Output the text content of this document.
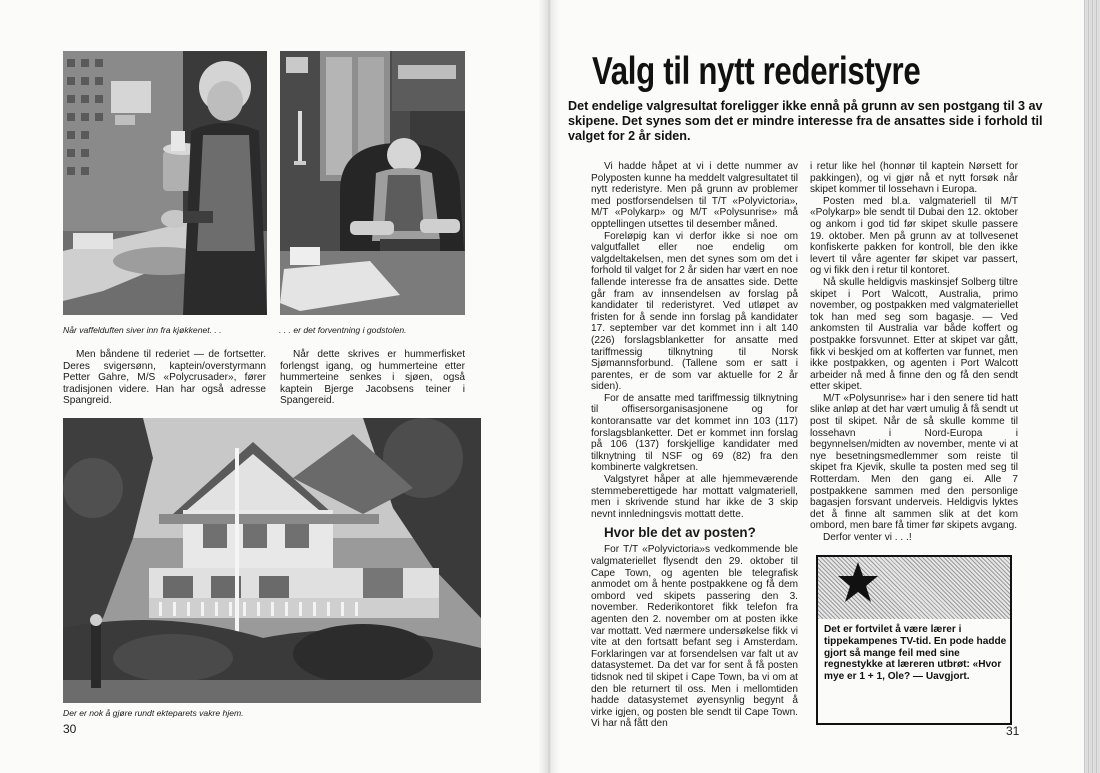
Når vaffelduften siver inn fra kjøkkenet. . .	. . . er det forventning i godstolen.

Men båndene til rederiet — de fortsetter. Deres svigersønn, kaptein/overstyrmann Petter Gahre, M/S «Polycrusader», fører tradisjonen videre. Han har også adresse Spangreid.

Når dette skrives er hummerfisket forlengst igang, og hummerteine etter hummerteine senkes i sjøen, også kaptein Bjerge Jacobsens teiner i Spangereid.

Der er nok å gjøre rundt ekteparets vakre hjem.
30
Valg til nytt rederistyre
Det endelige valgresultat foreligger ikke ennå på grunn av sen postgang til 3 av skipene. Det synes som det er mindre interesse fra de ansattes side i forhold til valget for 2 år siden.

Vi hadde håpet at vi i dette nummer av Polyposten kunne ha meddelt valgresultatet til nytt rederistyre. Men på grunn av problemer med postforsendelsen til T/T «Polyvictoria», M/T «Polykarp» og M/T «Polysunrise» må opptellingen utsettes til desember måned.

Foreløpig kan vi derfor ikke si noe om valgutfallet eller noe endelig om valgdeltakelsen, men det synes som om det i forhold til valget for 2 år siden har vært en noe fallende interesse fra de ansattes side. Dette går fram av innsendelsen av forslag på kandidater til rederistyret. Ved utløpet av fristen for å sende inn forslag på kandidater 17. september var det kommet inn i alt 140 (226) forslagsblanketter for ansatte med tariffmessig tilknytning til Norsk Sjømannsforbund. (Tallene som er satt i parentes, er de som var aktuelle for 2 år siden).

For de ansatte med tariffmessig tilknytning til offisersorganisasjonene og for kontoransatte var det kommet inn 103 (117) forslagsblanketter. Det er kommet inn forslag på 106 (137) forskjellige kandidater med tilknytning til NSF og 69 (82) fra den kombinerte valgkretsen.

Valgstyret håper at alle hjemmeværende stemmeberettigede har mottatt valgmateriell, men i skrivende stund har ikke de 3 skip nevnt innledningsvis mottatt dette.

Hvor ble det av posten?

For T/T «Polyvictoria»s vedkommende ble valgmateriellet flysendt den 29. oktober til Cape Town, og agenten ble telegrafisk anmodet om å hente postpakkene og få dem ombord ved skipets passering den 3. november. Rederikontoret fikk telefon fra agenten den 2. november om at posten ikke var mottatt. Ved nærmere undersøkelse fikk vi vite at den fortsatt befant seg i Amsterdam. Forklaringen var at forsendelsen var falt ut av datasystemet. Da det var for sent å få posten tidsnok ned til skipet i Cape Town, ba vi om at den ble returnert til oss. Men i mellomtiden hadde datasystemet øyensynlig begynt å virke igjen, og posten ble sendt til Cape Town. Vi har nå fått den

i retur like hel (honnør til kaptein Nørsett for pakkingen), og vi gjør nå et nytt forsøk når skipet kommer til lossehavn i Europa.

Posten med bl.a. valgmateriell til M/T «Polykarp» ble sendt til Dubai den 12. oktober og ankom i god tid før skipet skulle passere 19. oktober. Men på grunn av at tollvesenet konfiskerte pakken for kontroll, ble den ikke levert til våre agenter før skipet var passert, og vi fikk den i retur til kontoret.

Nå skulle heldigvis maskinsjef Solberg tiltre skipet i Port Walcott, Australia, primo november, og postpakken med valgmateriellet tok han med seg som bagasje. — Ved ankomsten til Australia var både koffert og postpakke forsvunnet. Etter at skipet var gått, fikk vi beskjed om at kofferten var funnet, men ikke postpakken, og agenten i Port Walcott arbeider nå med å finne den og få den sendt etter skipet.

M/T «Polysunrise» har i den senere tid hatt slike anløp at det har vært umulig å få sendt ut post til skipet. Når de så skulle komme til lossehavn i Nord-Europa i begynnelsen/midten av november, mente vi at nye besetningsmedlemmer som reiste til skipet fra Kjevik, skulle ta posten med seg til Rotterdam. Men den gang ei. Alle 7 postpakkene sammen med den personlige bagasjen forsvant underveis. Heldigvis lyktes det å finne alt sammen slik at det kom ombord, men bare få timer før skipets avgang.

Derfor venter vi . . .!

Det er fortvilet å være lærer i tippekampenes TV-tid. En pode hadde gjort så mange feil med sine regnestykke at læreren utbrøt: «Hvor mye er 1 + 1, Ole? — Uavgjort.
31
